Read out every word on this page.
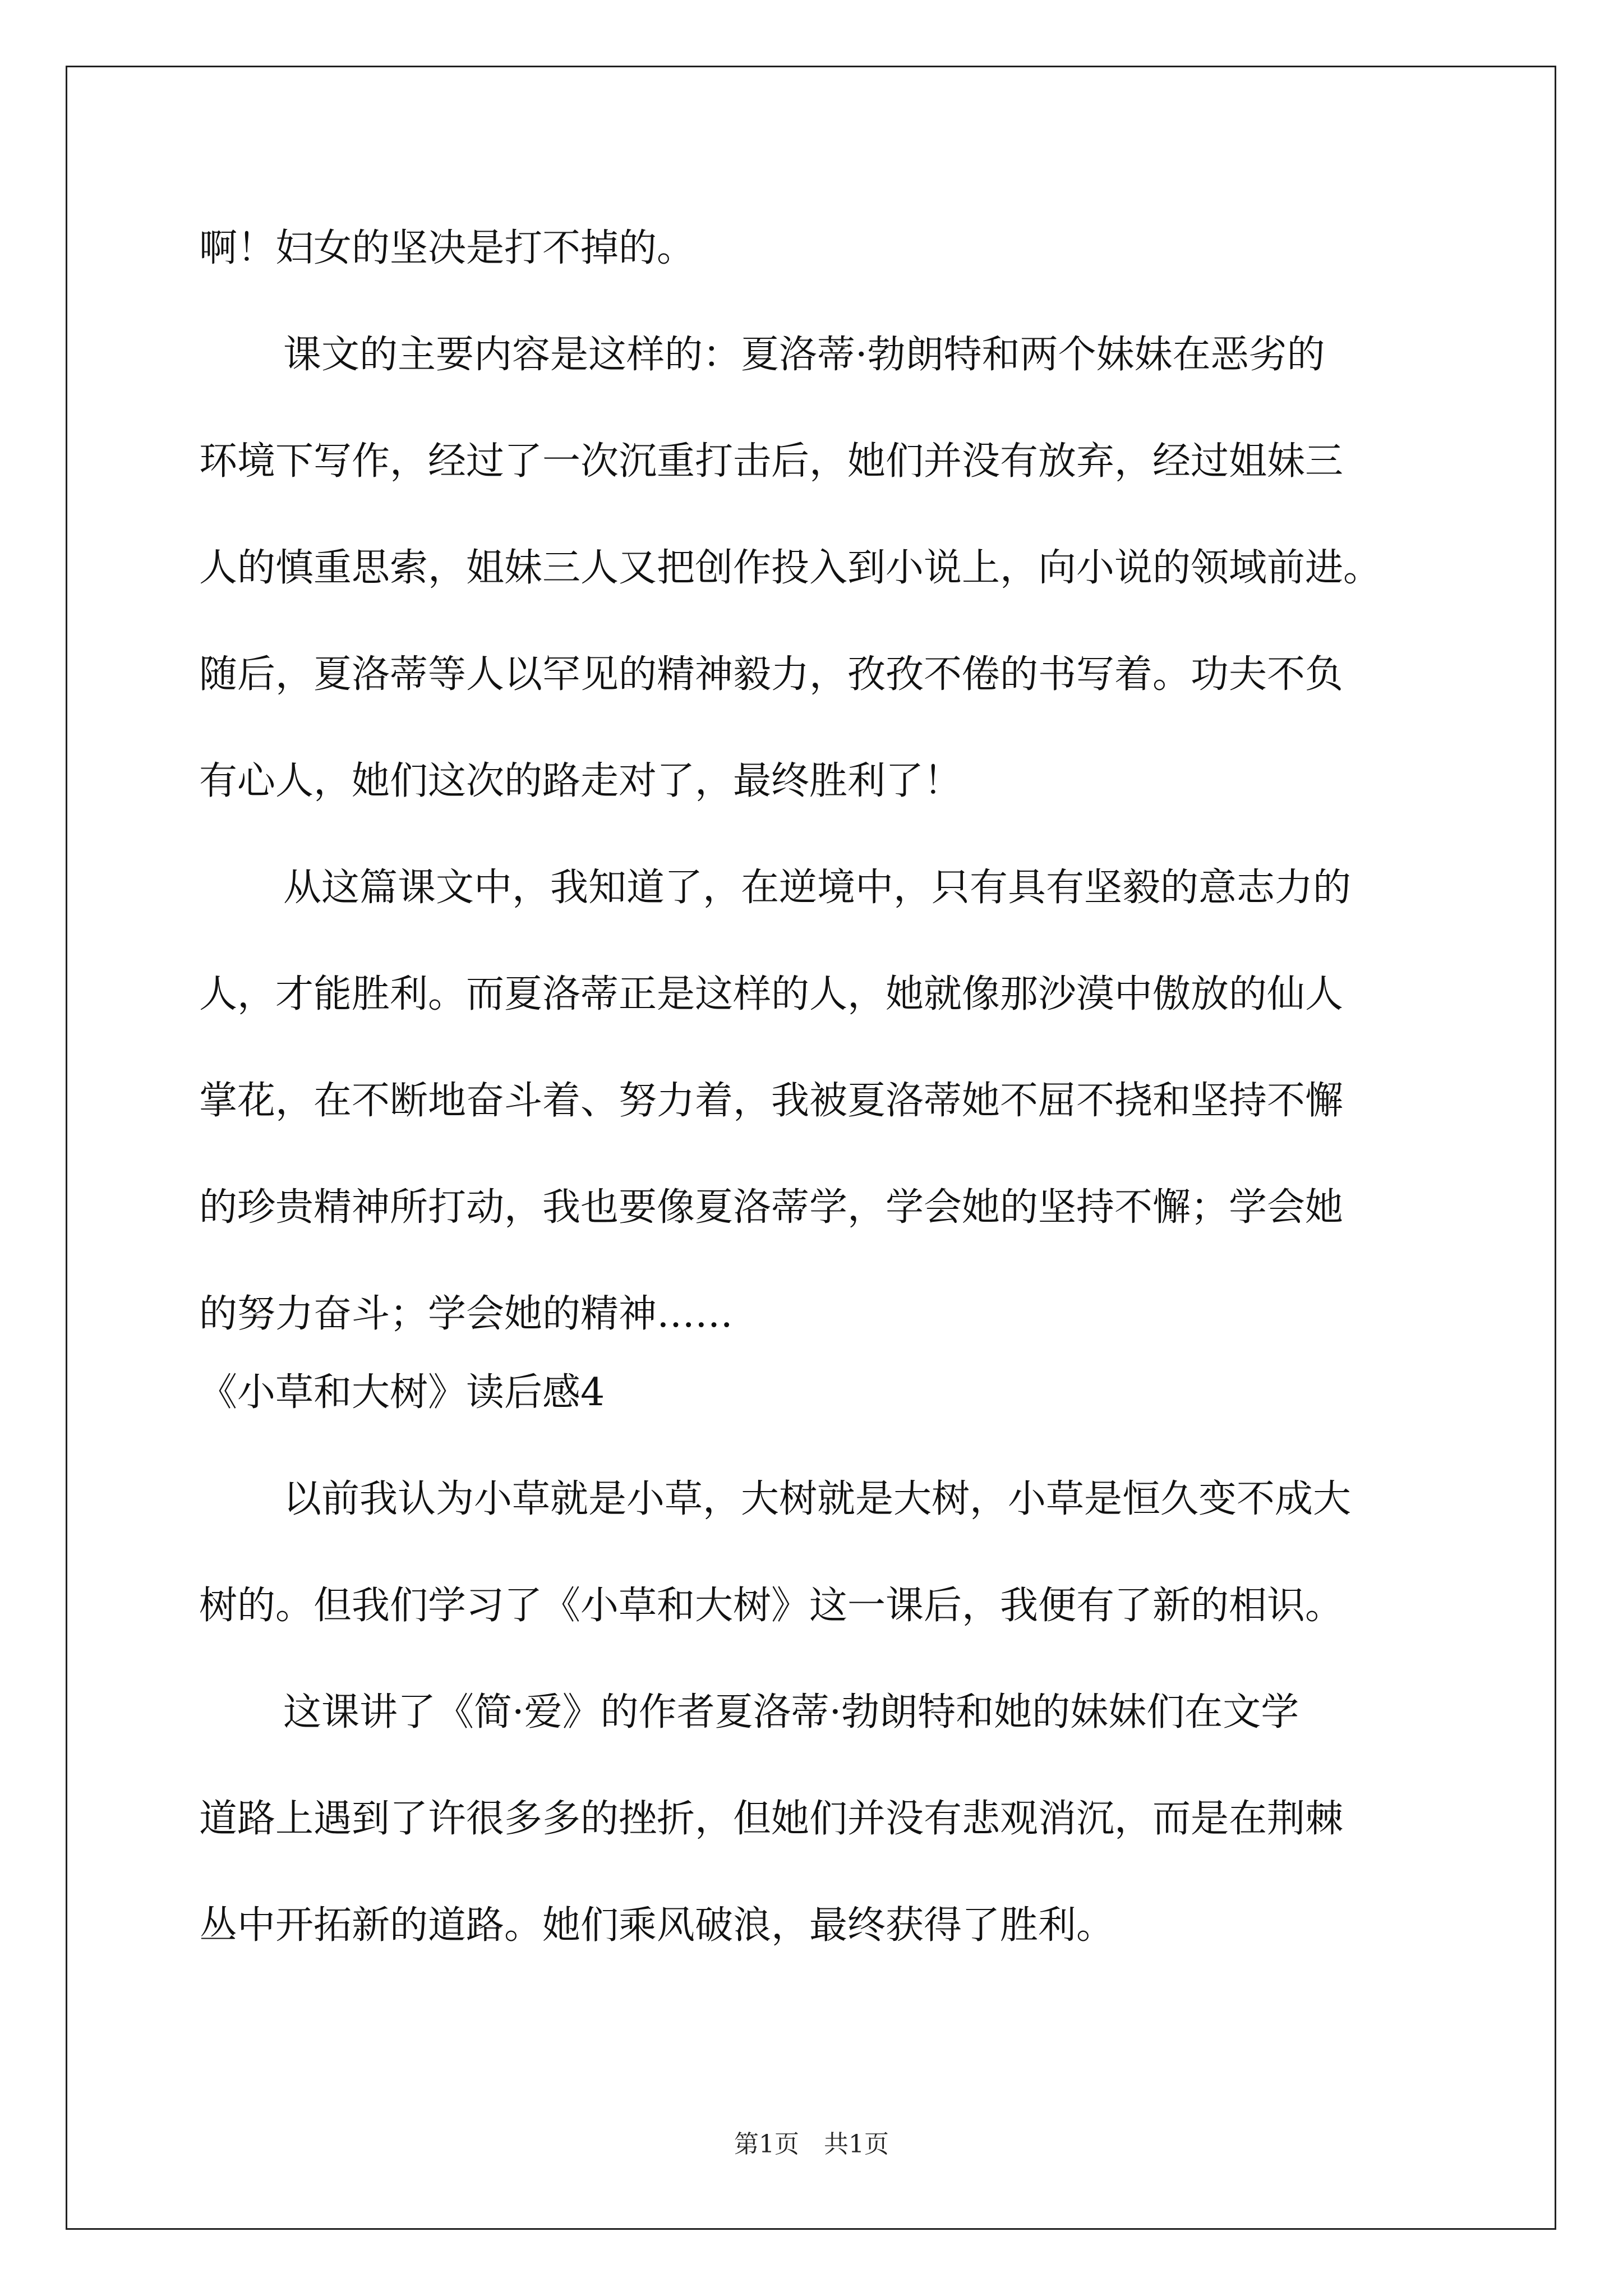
啊！妇女的坚决是打不掉的。

课文的主要内容是这样的：夏洛蒂·勃朗特和两个妹妹在恶劣的

环境下写作，经过了一次沉重打击后，她们并没有放弃，经过姐妹三

人的慎重思索，姐妹三人又把创作投入到小说上，向小说的领域前进。

随后，夏洛蒂等人以罕见的精神毅力，孜孜不倦的书写着。功夫不负

有心人，她们这次的路走对了，最终胜利了！

从这篇课文中，我知道了，在逆境中，只有具有坚毅的意志力的

人，才能胜利。而夏洛蒂正是这样的人，她就像那沙漠中傲放的仙人

掌花，在不断地奋斗着、努力着，我被夏洛蒂她不屈不挠和坚持不懈

的珍贵精神所打动，我也要像夏洛蒂学，学会她的坚持不懈；学会她

的努力奋斗；学会她的精神……

《小草和大树》读后感4

以前我认为小草就是小草，大树就是大树，小草是恒久变不成大

树的。但我们学习了《小草和大树》这一课后，我便有了新的相识。

这课讲了《简·爱》的作者夏洛蒂·勃朗特和她的妹妹们在文学

道路上遇到了许很多多的挫折，但她们并没有悲观消沉，而是在荆棘

丛中开拓新的道路。她们乘风破浪，最终获得了胜利。

第1页　共1页
